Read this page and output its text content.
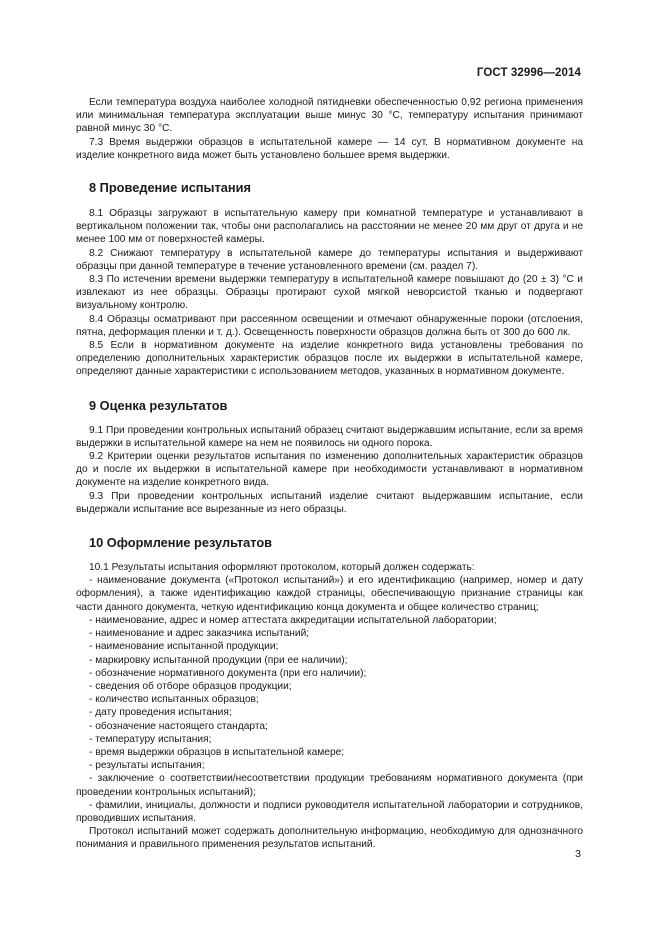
ГОСТ 32996—2014

Если температура воздуха наиболее холодной пятидневки обеспеченностью 0,92 региона применения или минимальная температура эксплуатации выше минус 30 °С, температуру испытания принимают равной минус 30 °С.

7.3 Время выдержки образцов в испытательной камере — 14 сут. В нормативном документе на изделие конкретного вида может быть установлено большее время выдержки.

8 Проведение испытания

8.1 Образцы загружают в испытательную камеру при комнатной температуре и устанавливают в вертикальном положении так, чтобы они располагались на расстоянии не менее 20 мм друг от друга и не менее 100 мм от поверхностей камеры.

8.2 Снижают температуру в испытательной камере до температуры испытания и выдерживают образцы при данной температуре в течение установленного времени (см. раздел 7).

8.3 По истечении времени выдержки температуру в испытательной камере повышают до (20 ± 3) °С и извлекают из нее образцы. Образцы протирают сухой мягкой неворсистой тканью и подвергают визуальному контролю.

8.4 Образцы осматривают при рассеянном освещении и отмечают обнаруженные пороки (отслоения, пятна, деформация пленки и т. д.). Освещенность поверхности образцов должна быть от 300 до 600 лк.

8.5 Если в нормативном документе на изделие конкретного вида установлены требования по определению дополнительных характеристик образцов после их выдержки в испытательной камере, определяют данные характеристики с использованием методов, указанных в нормативном документе.

9 Оценка результатов

9.1 При проведении контрольных испытаний образец считают выдержавшим испытание, если за время выдержки в испытательной камере на нем не появилось ни одного порока.

9.2 Критерии оценки результатов испытания по изменению дополнительных характеристик образцов до и после их выдержки в испытательной камере при необходимости устанавливают в нормативном документе на изделие конкретного вида.

9.3 При проведении контрольных испытаний изделие считают выдержавшим испытание, если выдержали испытание все вырезанные из него образцы.

10 Оформление результатов

10.1 Результаты испытания оформляют протоколом, который должен содержать:

- наименование документа («Протокол испытаний») и его идентификацию (например, номер и дату оформления), а также идентификацию каждой страницы, обеспечивающую признание страницы как части данного документа, четкую идентификацию конца документа и общее количество страниц;

- наименование, адрес и номер аттестата аккредитации испытательной лаборатории;

- наименование и адрес заказчика испытаний;

- наименование испытанной продукции;

- маркировку испытанной продукции (при ее наличии);

- обозначение нормативного документа (при его наличии);

- сведения об отборе образцов продукции;

- количество испытанных образцов;

- дату проведения испытания;

- обозначение настоящего стандарта;

- температуру испытания;

- время выдержки образцов в испытательной камере;

- результаты испытания;

- заключение о соответствии/несоответствии продукции требованиям нормативного документа (при проведении контрольных испытаний);

- фамилии, инициалы, должности и подписи руководителя испытательной лаборатории и сотрудников, проводивших испытания.

Протокол испытаний может содержать дополнительную информацию, необходимую для однозначного понимания и правильного применения результатов испытаний.

3
